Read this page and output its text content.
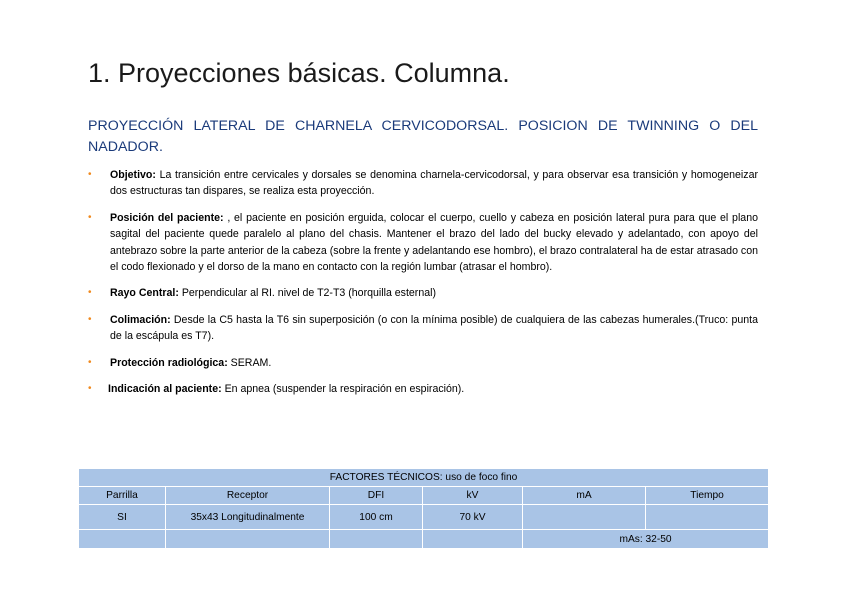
1. Proyecciones básicas. Columna.
PROYECCIÓN LATERAL DE CHARNELA CERVICODORSAL. POSICION DE TWINNING O DEL NADADOR.
• Objetivo: La transición entre cervicales y dorsales se denomina charnela-cervicodorsal, y para observar esa transición y homogeneizar dos estructuras tan dispares, se realiza esta proyección.
• Posición del paciente: , el paciente en posición erguida, colocar el cuerpo, cuello y cabeza en posición lateral pura para que el plano sagital del paciente quede paralelo al plano del chasis. Mantener el brazo del lado del bucky elevado y adelantado, con apoyo del antebrazo sobre la parte anterior de la cabeza (sobre la frente y adelantando ese hombro), el brazo contralateral ha de estar atrasado con el codo flexionado y el dorso de la mano en contacto con la región lumbar (atrasar el hombro).
• Rayo Central: Perpendicular al RI. nivel de T2-T3 (horquilla esternal)
• Colimación: Desde la C5 hasta la T6 sin superposición (o con la mínima posible) de cualquiera de las cabezas humerales.(Truco: punta de la escápula es T7).
• Protección radiológica: SERAM.
• Indicación al paciente: En apnea (suspender la respiración en espiración).
FACTORES TÉCNICOS: uso de foco fino					
Parrilla	Receptor	DFI	kV	mA	Tiempo
SI	35x43 Longitudinalmente	100 cm	70 kV		
				mAs: 32-50	
